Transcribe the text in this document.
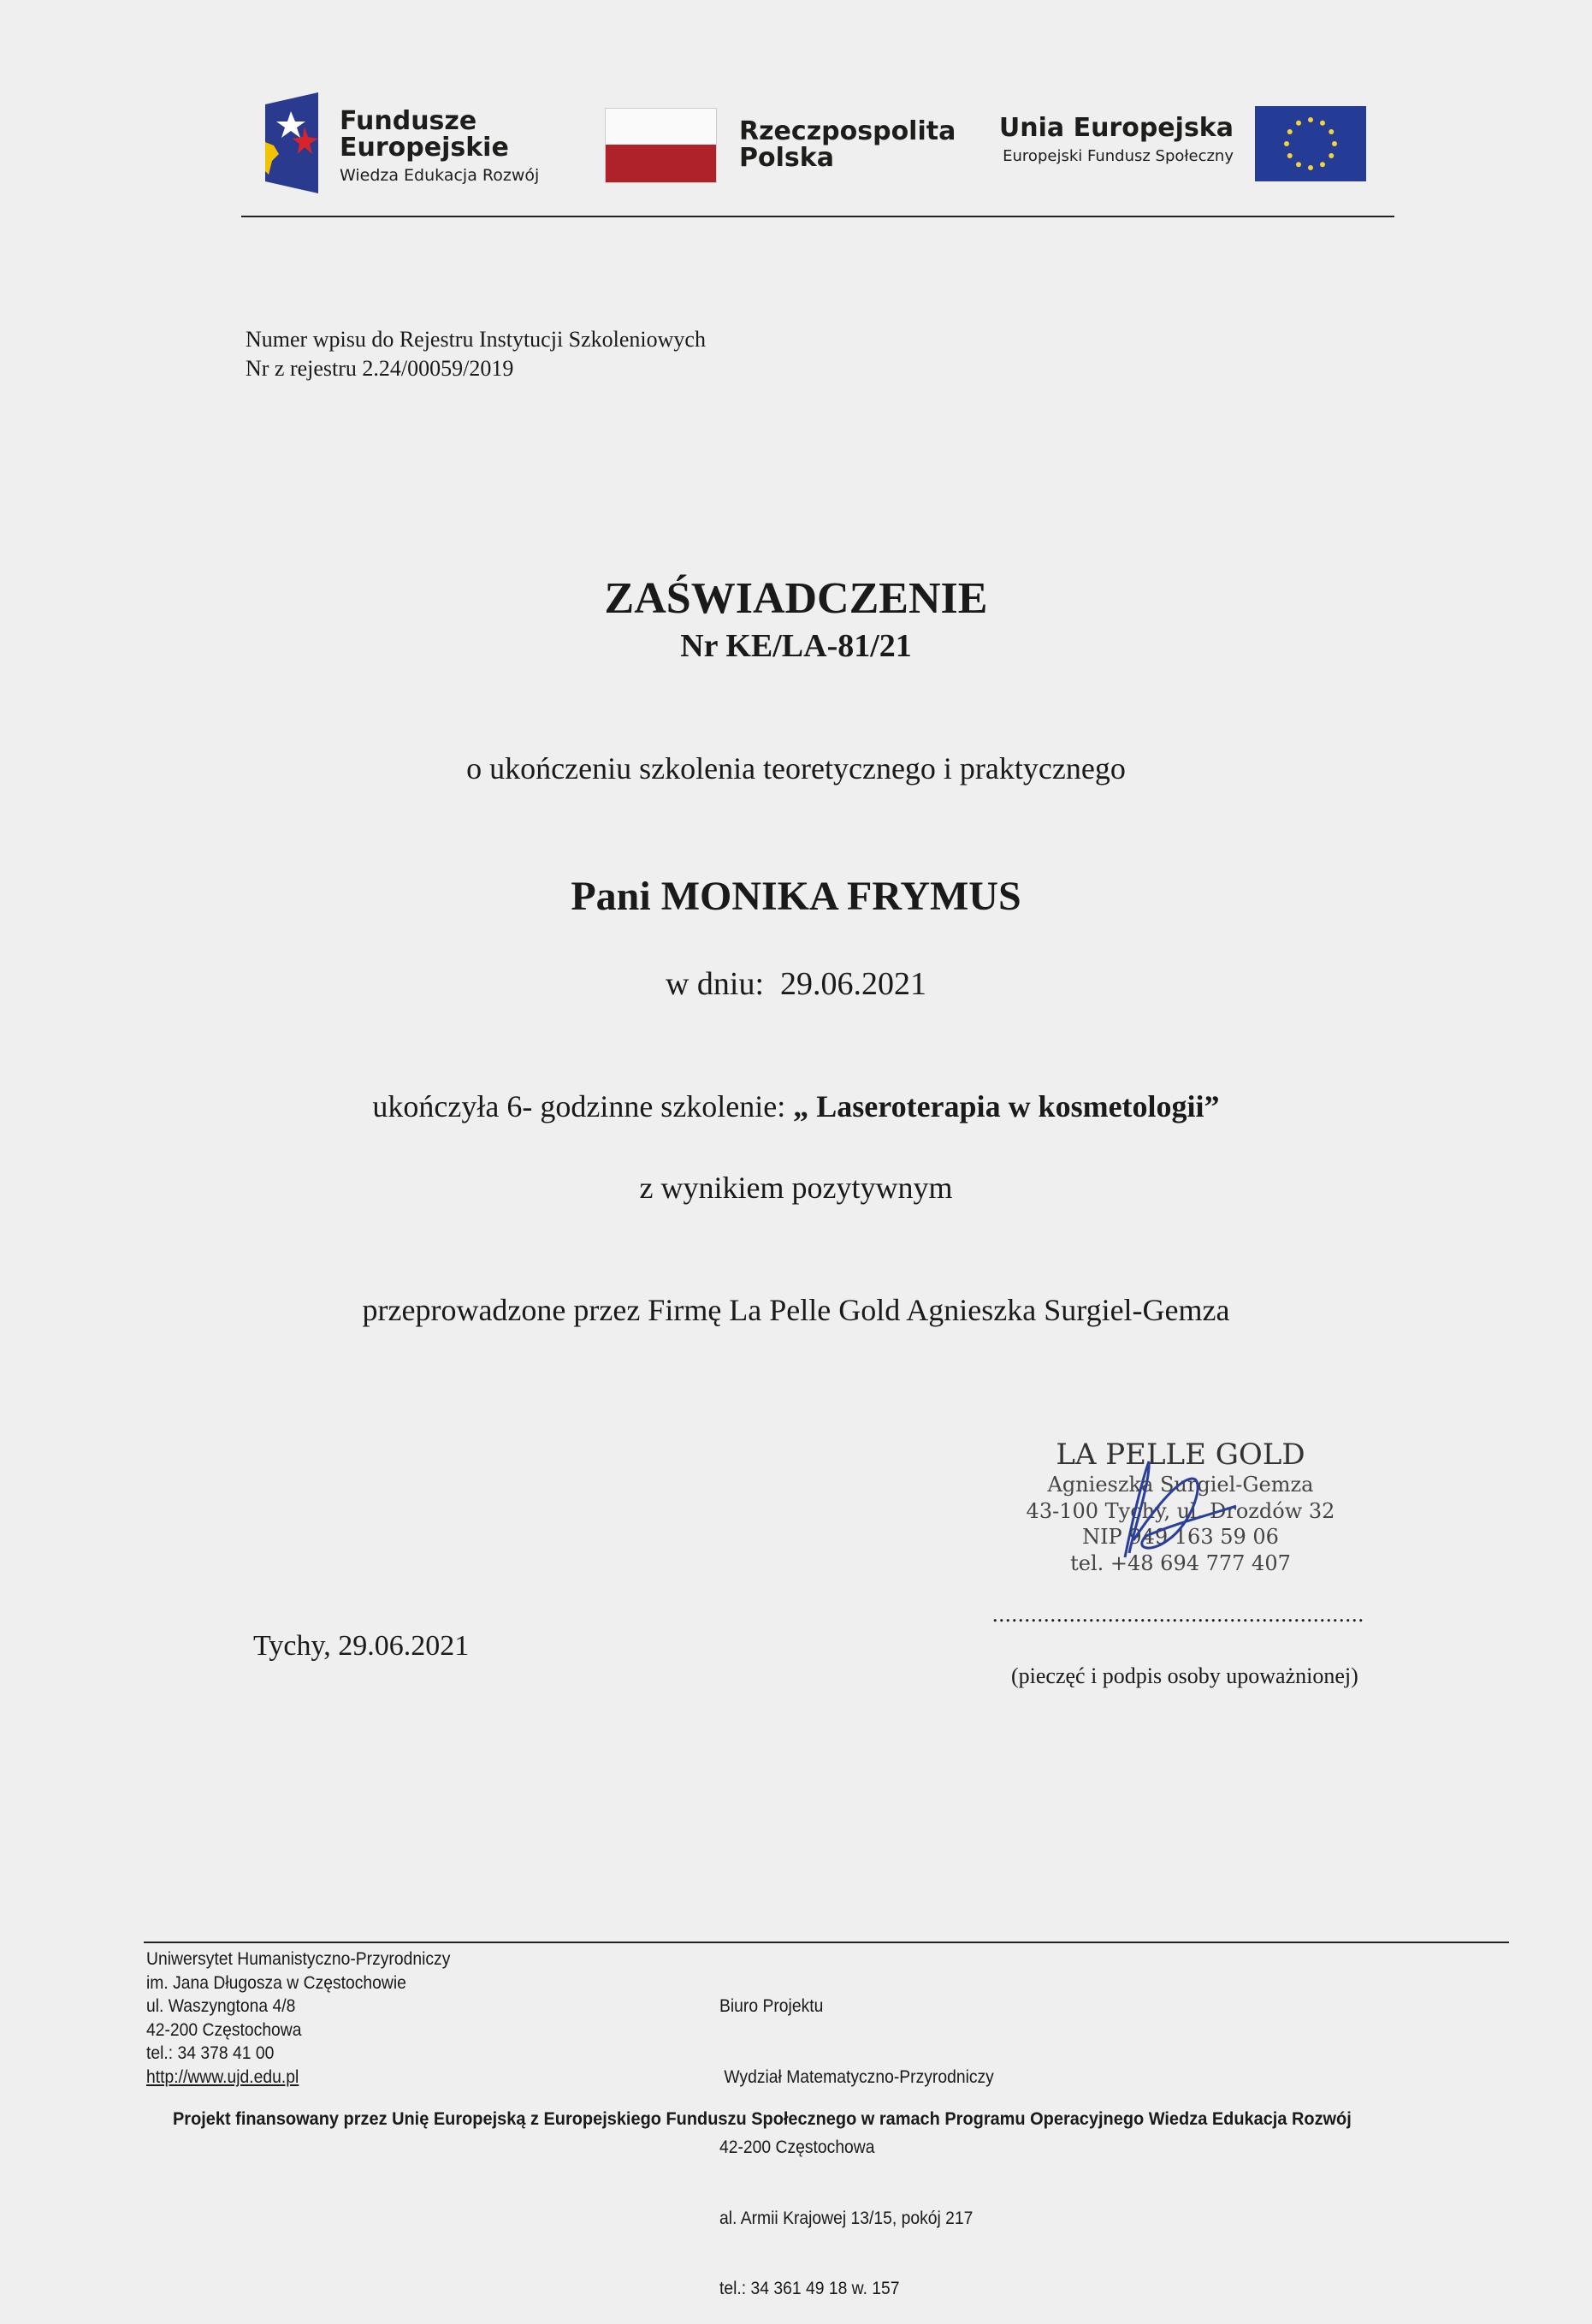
Fundusze
Europejskie
Wiedza Edukacja Rozwój
Rzeczpospolita
Polska
Unia Europejska
Europejski Fundusz Społeczny
Numer wpisu do Rejestru Instytucji Szkoleniowych
Nr z rejestru 2.24/00059/2019
ZAŚWIADCZENIE
Nr KE/LA-81/21
o ukończeniu szkolenia teoretycznego i praktycznego
Pani MONIKA FRYMUS
w dniu:  29.06.2021
ukończyła 6- godzinne szkolenie: „ Laseroterapia w kosmetologii”
z wynikiem pozytywnym
przeprowadzone przez Firmę La Pelle Gold Agnieszka Surgiel-Gemza
LA PELLE GOLD
Agnieszka Surgiel-Gemza
43-100 Tychy, ul. Drozdów 32
NIP 949 163 59 06
tel. +48 694 777 407
..........................................................
(pieczęć i podpis osoby upoważnionej)
Tychy, 29.06.2021
Uniwersytet Humanistyczno-Przyrodniczy
im. Jana Długosza w Częstochowie
ul. Waszyngtona 4/8
42-200 Częstochowa
tel.: 34 378 41 00
http://www.ujd.edu.pl

Biuro Projektu

Wydział Matematyczno-Przyrodniczy

42-200 Częstochowa

al. Armii Krajowej 13/15, pokój 217

tel.: 34 361 49 18 w. 157

Projekt finansowany przez Unię Europejską z Europejskiego Funduszu Społecznego w ramach Programu Operacyjnego Wiedza Edukacja Rozwój
